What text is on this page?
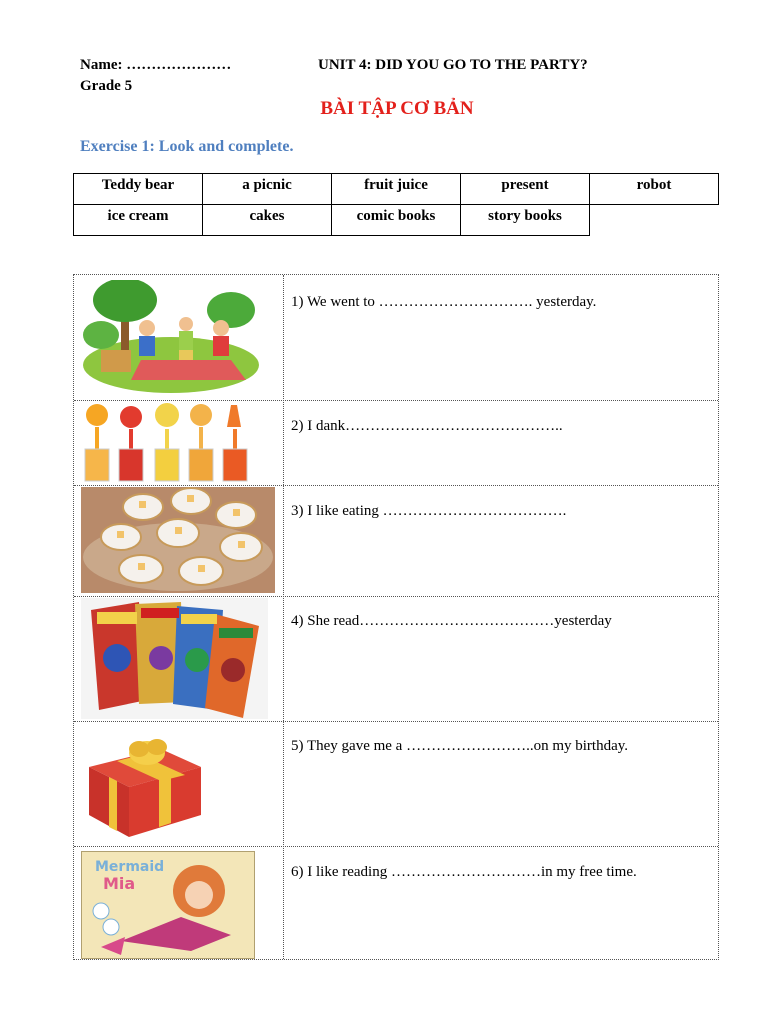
Name: …………………	UNIT 4: DID YOU GO TO THE PARTY?
Grade 5
BÀI TẬP CƠ BẢN
Exercise 1: Look and complete.
Teddy bear	a picnic	fruit juice	present	robot
ice cream	cakes	comic books	story books
1) We went to …………………………. yesterday.
2) I dank……………………………………..
3) I like eating ……………………………….
4) She read…………………………………yesterday
5) They gave me a ……………………..on my birthday.
Mermaid
Mia
6) I like reading …………………………in my free time.
